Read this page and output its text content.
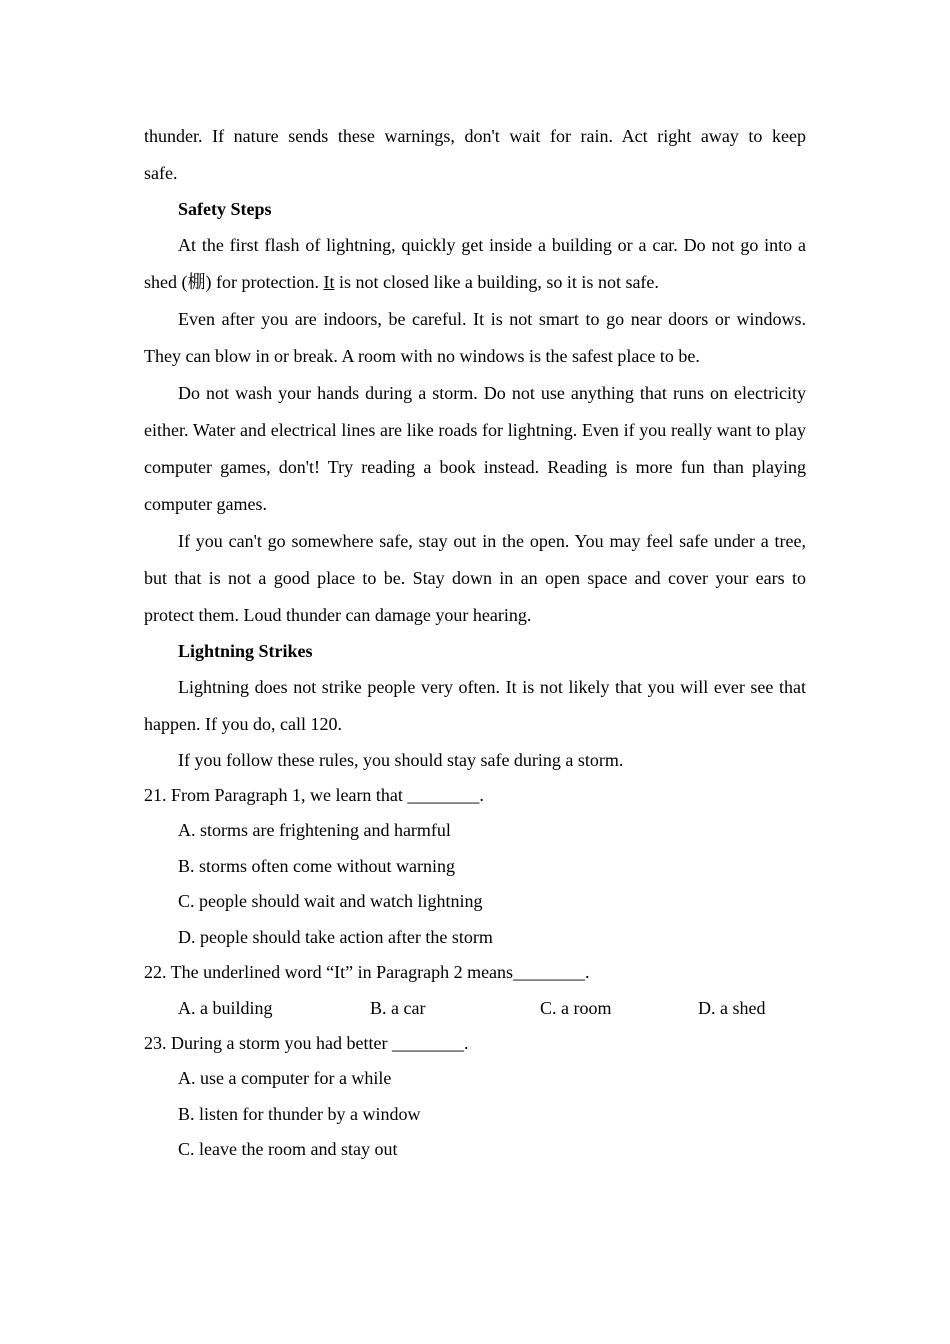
thunder. If nature sends these warnings, don't wait for rain. Act right away to keep
safe.

Safety Steps

At the first flash of lightning, quickly get inside a building or a car. Do not go into a shed (棚) for protection. It is not closed like a building, so it is not safe.

Even after you are indoors, be careful. It is not smart to go near doors or windows. They can blow in or break. A room with no windows is the safest place to be.

Do not wash your hands during a storm. Do not use anything that runs on electricity either. Water and electrical lines are like roads for lightning. Even if you really want to play computer games, don't! Try reading a book instead. Reading is more fun than playing computer games.

If you can't go somewhere safe, stay out in the open. You may feel safe under a tree, but that is not a good place to be. Stay down in an open space and cover your ears to protect them. Loud thunder can damage your hearing.

Lightning Strikes

Lightning does not strike people very often. It is not likely that you will ever see that happen. If you do, call 120.

If you follow these rules, you should stay safe during a storm.

21. From Paragraph 1, we learn that ________.

A. storms are frightening and harmful

B. storms often come without warning

C. people should wait and watch lightning

D. people should take action after the storm

22. The underlined word “It” in Paragraph 2 means________.

A. a building	B. a car	C. a room	D. a shed

23. During a storm you had better ________.

A. use a computer for a while

B. listen for thunder by a window

C. leave the room and stay out
